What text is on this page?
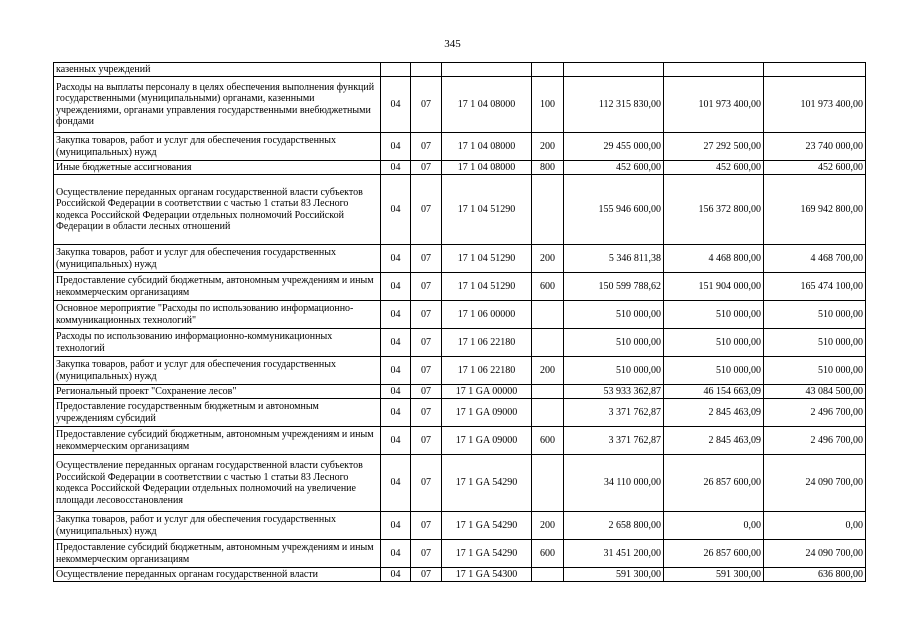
345
казенных учреждений							
Расходы на выплаты персоналу в целях обеспечения выполнения функций государственными (муниципальными) органами, казенными учреждениями, органами управления государственными внебюджетными фондами	04	07	17 1 04 08000	100	112 315 830,00	101 973 400,00	101 973 400,00
Закупка товаров, работ и услуг для обеспечения государственных (муниципальных) нужд	04	07	17 1 04 08000	200	29 455 000,00	27 292 500,00	23 740 000,00
Иные бюджетные ассигнования	04	07	17 1 04 08000	800	452 600,00	452 600,00	452 600,00
Осуществление переданных органам государственной власти субъектов Российской Федерации в соответствии с частью 1 статьи 83 Лесного кодекса Российской Федерации отдельных полномочий Российской Федерации в области лесных отношений	04	07	17 1 04 51290		155 946 600,00	156 372 800,00	169 942 800,00
Закупка товаров, работ и услуг для обеспечения государственных (муниципальных) нужд	04	07	17 1 04 51290	200	5 346 811,38	4 468 800,00	4 468 700,00
Предоставление субсидий бюджетным, автономным учреждениям и иным некоммерческим организациям	04	07	17 1 04 51290	600	150 599 788,62	151 904 000,00	165 474 100,00
Основное мероприятие "Расходы по использованию информационно-коммуникационных технологий"	04	07	17 1 06 00000		510 000,00	510 000,00	510 000,00
Расходы по использованию информационно-коммуникационных технологий	04	07	17 1 06 22180		510 000,00	510 000,00	510 000,00
Закупка товаров, работ и услуг для обеспечения государственных (муниципальных) нужд	04	07	17 1 06 22180	200	510 000,00	510 000,00	510 000,00
Региональный проект "Сохранение лесов"	04	07	17 1 GA 00000		53 933 362,87	46 154 663,09	43 084 500,00
Предоставление государственным бюджетным и автономным учреждениям субсидий	04	07	17 1 GA 09000		3 371 762,87	2 845 463,09	2 496 700,00
Предоставление субсидий бюджетным, автономным учреждениям и иным некоммерческим организациям	04	07	17 1 GA 09000	600	3 371 762,87	2 845 463,09	2 496 700,00
Осуществление переданных органам государственной власти субъектов Российской Федерации в соответствии с частью 1 статьи 83 Лесного кодекса Российской Федерации отдельных полномочий на увеличение площади лесовосстановления	04	07	17 1 GA 54290		34 110 000,00	26 857 600,00	24 090 700,00
Закупка товаров, работ и услуг для обеспечения государственных (муниципальных) нужд	04	07	17 1 GA 54290	200	2 658 800,00	0,00	0,00
Предоставление субсидий бюджетным, автономным учреждениям и иным некоммерческим организациям	04	07	17 1 GA 54290	600	31 451 200,00	26 857 600,00	24 090 700,00
Осуществление переданных органам государственной власти	04	07	17 1 GA 54300		591 300,00	591 300,00	636 800,00
